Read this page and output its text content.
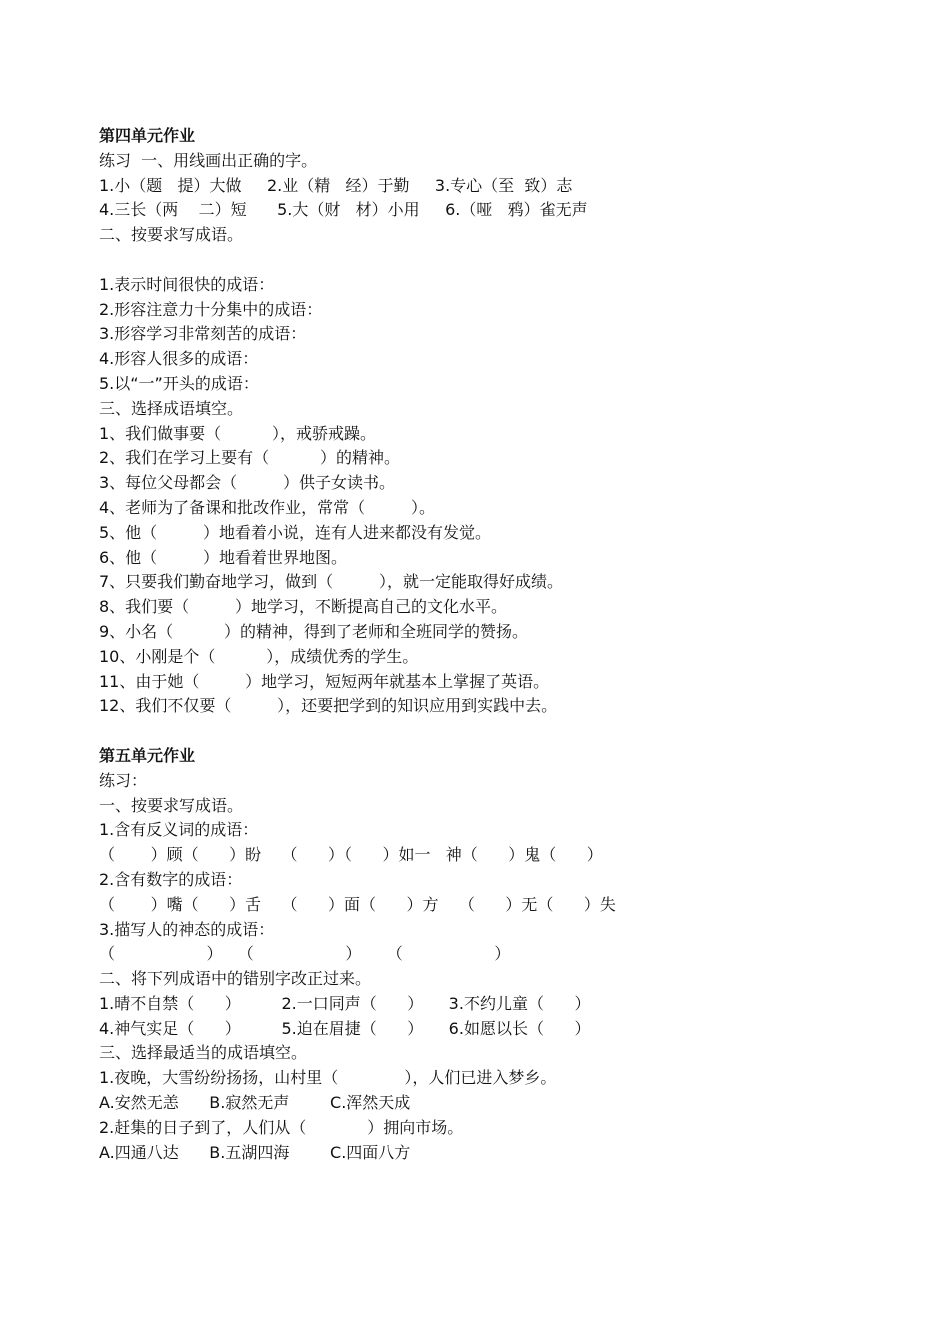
第四单元作业
练习  一、用线画出正确的字。
1.小（题   提）大做     2.业（精   经）于勤     3.专心（至  致）志
4.三长（两    二）短      5.大（财   材）小用     6.（哑   鸦）雀无声
二、按要求写成语。
1.表示时间很快的成语：
2.形容注意力十分集中的成语：
3.形容学习非常刻苦的成语：
4.形容人很多的成语：
5.以“一”开头的成语：
三、选择成语填空。
1、我们做事要（          ），戒骄戒躁。
2、我们在学习上要有（          ）的精神。
3、每位父母都会（         ）供子女读书。
4、老师为了备课和批改作业，常常（         ）。
5、他（         ）地看着小说，连有人进来都没有发觉。
6、他（         ）地看着世界地图。
7、只要我们勤奋地学习，做到（         ），就一定能取得好成绩。
8、我们要（         ）地学习，不断提高自己的文化水平。
9、小名（          ）的精神，得到了老师和全班同学的赞扬。
10、小刚是个（          ），成绩优秀的学生。
11、由于她（         ）地学习，短短两年就基本上掌握了英语。
12、我们不仅要（         ），还要把学到的知识应用到实践中去。
第五单元作业
练习：
一、按要求写成语。
1.含有反义词的成语：
（       ）顾（      ）盼    （      ）（      ）如一   神（      ）鬼（      ）
2.含有数字的成语：
（       ）嘴（      ）舌    （      ）面（      ）方    （      ）无（      ）失
3.描写人的神态的成语：
（                  ）   （                  ）     （                  ）
二、将下列成语中的错别字改正过来。
1.晴不自禁（      ）        2.一口同声（      ）     3.不约儿童（      ）
4.神气实足（      ）        5.迫在眉捷（      ）     6.如愿以长（      ）
三、选择最适当的成语填空。
1.夜晚，大雪纷纷扬扬，山村里（             ），人们已进入梦乡。
A.安然无恙      B.寂然无声        C.浑然天成
2.赶集的日子到了，人们从（            ）拥向市场。
A.四通八达      B.五湖四海        C.四面八方
